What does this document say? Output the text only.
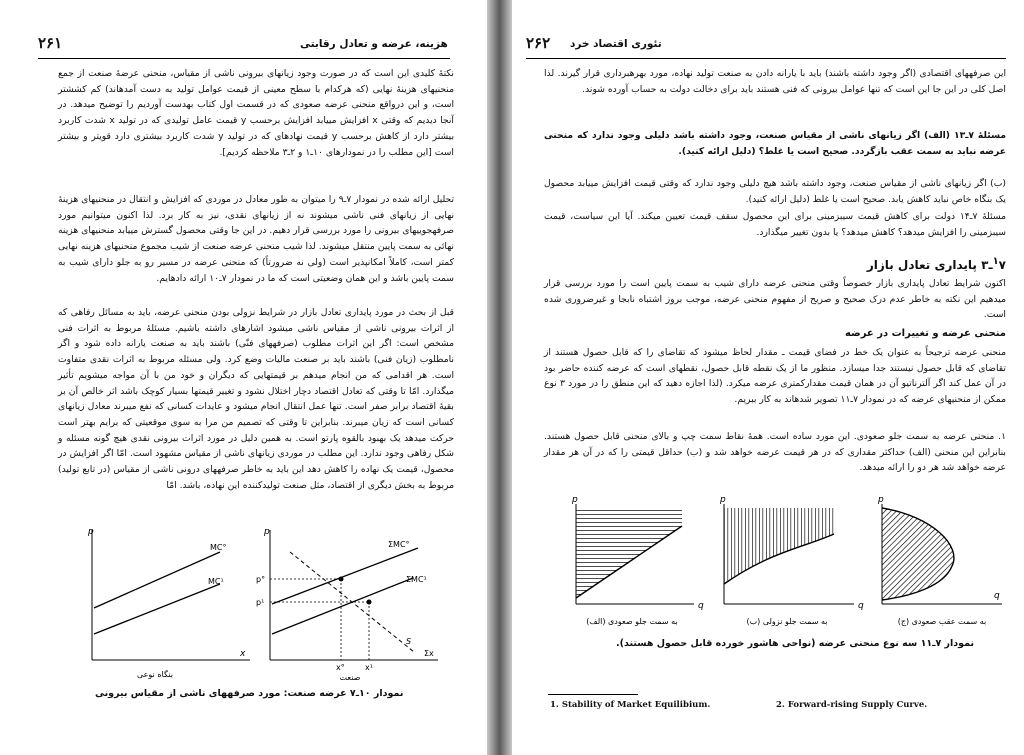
۲۶۱	هزینه، عرضه و تعادل رقابتی

نکتهٔ کلیدی این است که در صورت وجود زیانهای بیرونی ناشی از مقیاس، منحنی عرضهٔ صنعت از جمع منحنیهای هزینهٔ نهایی (که هرکدام با سطح معینی از قیمت عوامل تولید به دست آمدهاند) کم کششتر است، و این درواقع منحنی عرضه صعودی که در قسمت اول کتاب بهدست آوردیم را توضیح میدهد. در آنجا دیدیم که وقتی x افزایش مییابد افزایش برحسب y قیمت عامل تولیدی که در تولید x شدت کاربرد بیشتر دارد از کاهش برحسب y قیمت نهادهای که در تولید y شدت کاربرد بیشتری دارد قویتر و بیشتر است [این مطلب را در نمودارهای ۱۰ـ۱ و ۲ـ۳ ملاحظه کردیم].

تحلیل ارائه شده در نمودار ۷ـ۹ را میتوان به طور معادل در موردی که افزایش و انتقال در منحنیهای هزینهٔ نهایی از زیانهای فنی ناشی میشوند نه از زیانهای نقدی، نیز به کار برد. لذا اکنون میتوانیم مورد صرفهجوییهای بیرونی را مورد بررسی قرار دهیم. در این جا وقتی محصول گسترش مییابد منحنیهای هزینه نهائی به سمت پایین منتقل میشوند. لذا شیب منحنی عرضه صنعت از شیب مجموع منحنیهای هزینه نهایی کمتر است، کاملاً امکانپذیر است (ولی نه ضرورتاً) که منحنی عرضه در مسیر رو به جلو دارای شیب به سمت پایین باشد و این همان وضعیتی است که ما در نمودار ۷ـ۱۰ ارائه دادهایم.

قبل از بحث در مورد پایداری تعادل بازار در شرایط نزولی بودن منحنی عرضه، باید به مسائل رفاهی که از اثرات بیرونی ناشی از مقیاس ناشی میشود اشارهای داشته باشیم. مسئلهٔ مربوط به اثرات فنی مشخص است: اگر این اثرات مطلوب (صرفههای فنّی) باشند باید به صنعت یارانه داده شود و اگر نامطلوب (زیان فنی) باشند باید بر صنعت مالیات وضع کرد. ولی مسئله مربوط به اثرات نقدی متفاوت است. هر اقدامی که من انجام میدهم بر قیمتهایی که دیگران و خود من با آن مواجه میشویم تأثیر میگذارد. امّا تا وقتی که تعادل اقتصاد دچار اختلال نشود و تغییر قیمتها بسیار کوچک باشد اثر خالص آن بر بقیهٔ اقتصاد برابر صفر است. تنها عمل انتقال انجام میشود و عایدات کسانی که نفع میبرند معادل زیانهای کسانی است که زیان میبرند. بنابراین تا وقتی که تصمیم من مرا به سوی موقعیتی که برایم بهتر است حرکت میدهد یک بهبود بالقوه پارتو است. به همین دلیل در مورد اثرات بیرونی نقدی هیچ گونه مسئله و شکل رفاهی وجود ندارد. این مطلب در موردی زیانهای ناشی از مقیاس مشهود است. امّا اگر افزایش در محصول، قیمت یک نهاده را کاهش دهد این باید به خاطر صرفههای درونی ناشی از مقیاس (در تابع تولید) مربوط به بخش دیگری از اقتصاد، مثل صنعت تولیدکننده این نهاده، باشد. امّا

p
MC°
MC¹
x
بنگاه نوعی
p
p°
p¹
ΣMC°
ΣMC¹
S
x°	x¹
Σx
صنعت
نمودار ۱۰ـ۷ عرضه صنعت: مورد صرفههای ناشی از مقیاس بیرونی
۲۶۲ تئوری اقتصاد خرد

این صرفههای اقتصادی (اگر وجود داشته باشند) باید با یارانه دادن به صنعت تولید نهاده، مورد بهرهبرداری قرار گیرند. لذا اصل کلی در این جا این است که تنها عوامل بیرونی که فنی هستند باید برای دخالت دولت به حساب آورده شوند.

مسئلهٔ ۷ـ۱۳ (الف) اگر زیانهای ناشی از مقیاس صنعت، وجود داشته باشد دلیلی وجود ندارد که منحنی عرضه نباید به سمت عقب بازگردد. صحیح است یا غلط؟ (دلیل ارائه کنید).

(ب) اگر زیانهای ناشی از مقیاس صنعت، وجود داشته باشد هیچ دلیلی وجود ندارد که وقتی قیمت افزایش مییابد محصول یک بنگاه خاص نباید کاهش یابد. صحیح است یا غلط (دلیل ارائه کنید).

مسئلهٔ ۷ـ۱۴ دولت برای کاهش قیمت سیبزمینی برای این محصول سقف قیمت تعیین میکند. آیا این سیاست، قیمت سیبزمینی را افزایش میدهد؟ کاهش میدهد؟ یا بدون تغییر میگذارد.

$^۱$۷ـ۳ پایداری تعادل بازار

اکنون شرایط تعادل پایداری بازار خصوصاً وقتی منحنی عرضه دارای شیب به سمت پایین است را مورد بررسی قرار میدهیم این نکته به خاطر عدم درک صحیح و صریح از مفهوم منحنی عرضه، موجب بروز اشتباه نابجا و غیرضروری شده است.

منحنی عرضه و تغییرات در عرضه

منحنی عرضه ترجیحاً به عنوان یک خط در فضای قیمت ـ مقدار لحاظ میشود که تقاضای را که قابل حصول هستند از تقاضای که قابل حصول نیستند جدا میسازد. منظور ما از یک نقطه قابل حصول، نقطهای است که عرضه کننده حاضر بود در آن عمل کند اگر آلترناتیو آن در همان قیمت مقدارکمتری عرضه میکرد. (لذا اجازه دهید که این منطق را در مورد ۳ نوع ممکن از منحنیهای عرضه که در نمودار ۷ـ۱۱ تصویر شدهاند به کار ببریم.

۱. منحنی عرضه به سمت جلو صعودی. این مورد ساده است. همهٔ نقاط سمت چپ و بالای منحنی قابل حصول هستند. بنابراین این منحنی (الف) حداکثر مقداری که در هر قیمت عرضه خواهد شد و (ب) حداقل قیمتی را که در آن هر مقدار عرضه خواهد شد هر دو را ارائه میدهد.

p
q
(الف) به سمت جلو صعودی
p
q
(ب) به سمت جلو نزولی
p
q
(ج) به سمت عقب صعودی
نمودار ۷ـ۱۱ سه نوع منحنی عرضه (نواحی هاشور خورده قابل حصول هستند).
1. Stability of Market Equilibium.	2. Forward-rising Supply Curve.
